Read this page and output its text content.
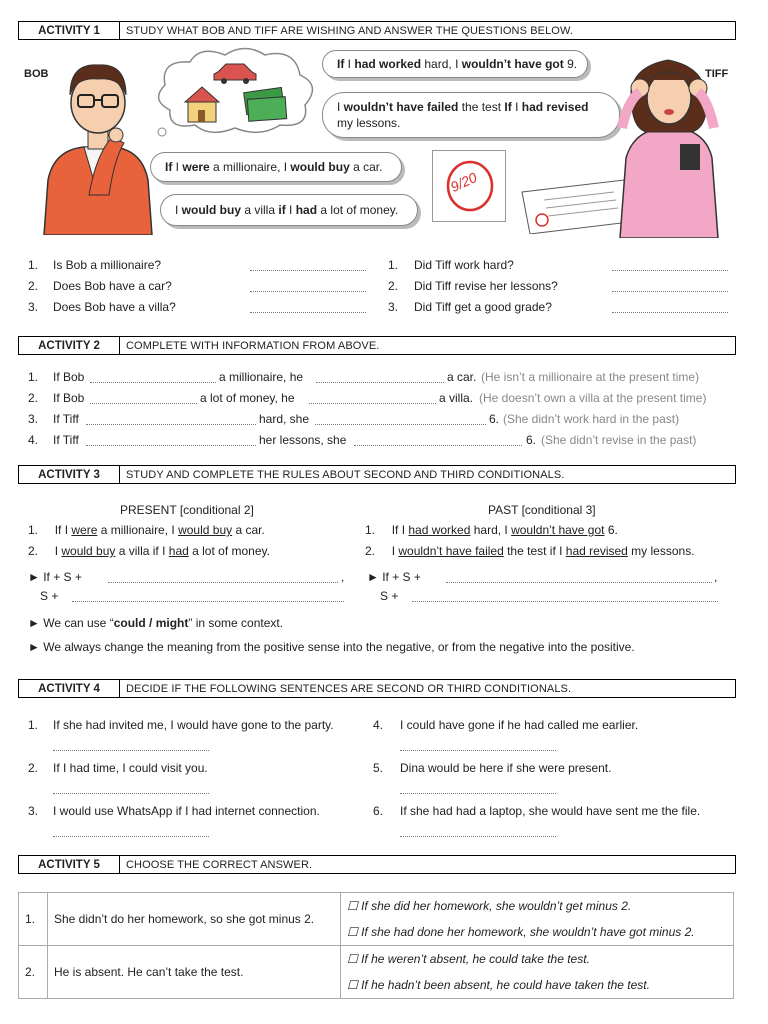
ACTIVITY 1	STUDY WHAT BOB AND TIFF ARE WISHING AND ANSWER THE QUESTIONS BELOW.
BOB	TIFF
If I had worked hard, I wouldn’t have got 9.
I wouldn’t have failed the test If I had revised
my lessons.
If I were a millionaire, I would buy a car.
I would buy a villa if I had a lot of money.
9/20
1. Is Bob a millionaire?
2. Does Bob have a car?
3. Does Bob have a villa?
1. Did Tiff work hard?
2. Did Tiff revise her lessons?
3. Did Tiff get a good grade?
ACTIVITY 2	COMPLETE WITH INFORMATION FROM ABOVE.
1. If Bob	a millionaire, he	a car. (He isn’t a millionaire at the present time)
2. If Bob	a lot of money, he	a villa. (He doesn’t own a villa at the present time)
3. If Tiff	hard, she	6. (She didn’t work hard in the past)
4. If Tiff	her lessons, she	6. (She didn’t revise in the past)
ACTIVITY 3	STUDY AND COMPLETE THE RULES ABOUT SECOND AND THIRD CONDITIONALS.
PRESENT [conditional 2]	PAST [conditional 3]
1. If I were a millionaire, I would buy a car.
2. I would buy a villa if I had a lot of money.
1. If I had worked hard, I wouldn’t have got 6.
2. I wouldn’t have failed the test if I had revised my lessons.
► If + S +	,
S +
► If + S +	,
S +
► We can use “could / might” in some context.
► We always change the meaning from the positive sense into the negative, or from the negative into the positive.
ACTIVITY 4	DECIDE IF THE FOLLOWING SENTENCES ARE SECOND OR THIRD CONDITIONALS.
1. If she had invited me, I would have gone to the party.
2. If I had time, I could visit you.
3. I would use WhatsApp if I had internet connection.
4. I could have gone if he had called me earlier.
5. Dina would be here if she were present.
6. If she had had a laptop, she would have sent me the file.
ACTIVITY 5	CHOOSE THE CORRECT ANSWER.
1.	She didn’t do her homework, so she got minus 2.	☐ If she did her homework, she wouldn’t get minus 2.
☐ If she had done her homework, she wouldn’t have got minus 2.

2.	He is absent. He can’t take the test.	☐ If he weren’t absent, he could take the test.
☐ If he hadn’t been absent, he could have taken the test.
